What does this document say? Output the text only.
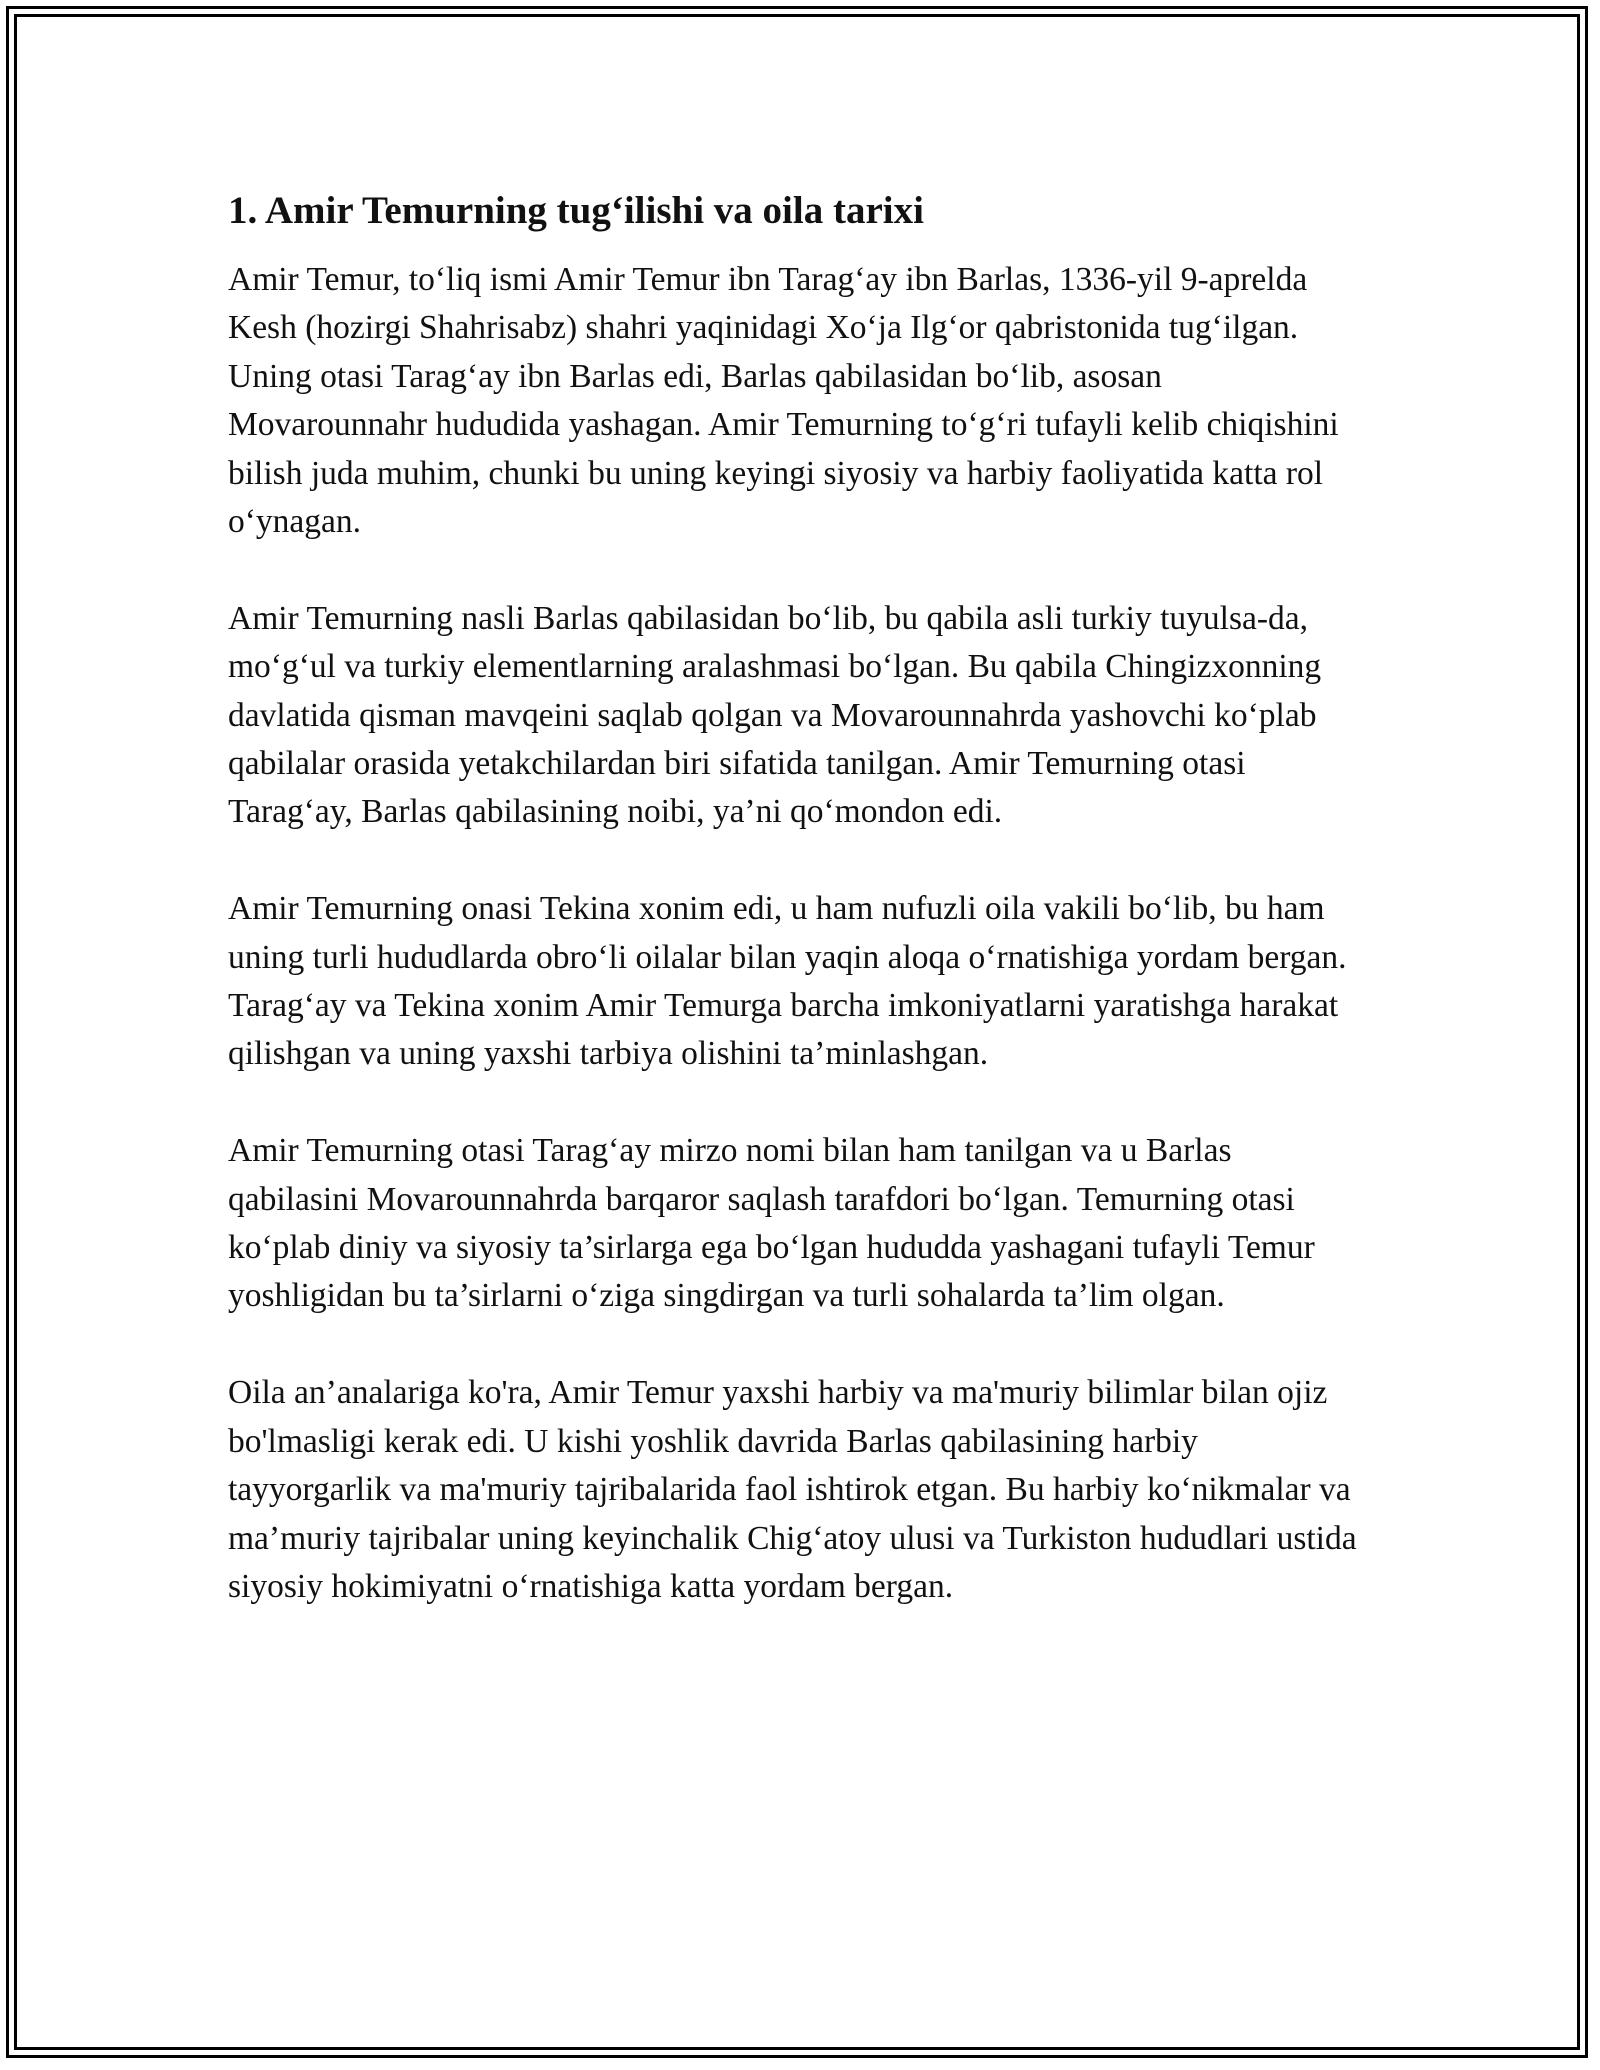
1. Amir Temurning tug‘ilishi va oila tarixi

Amir Temur, to‘liq ismi Amir Temur ibn Tarag‘ay ibn Barlas, 1336-yil 9-aprelda Kesh (hozirgi Shahrisabz) shahri yaqinidagi Xo‘ja Ilg‘or qabristonida tug‘ilgan. Uning otasi Tarag‘ay ibn Barlas edi, Barlas qabilasidan bo‘lib, asosan Movarounnahr hududida yashagan. Amir Temurning to‘g‘ri tufayli kelib chiqishini bilish juda muhim, chunki bu uning keyingi siyosiy va harbiy faoliyatida katta rol o‘ynagan.

Amir Temurning nasli Barlas qabilasidan bo‘lib, bu qabila asli turkiy tuyulsa-da, mo‘g‘ul va turkiy elementlarning aralashmasi bo‘lgan. Bu qabila Chingizxonning davlatida qisman mavqeini saqlab qolgan va Movarounnahrda yashovchi ko‘plab qabilalar orasida yetakchilardan biri sifatida tanilgan. Amir Temurning otasi Tarag‘ay, Barlas qabilasining noibi, ya’ni qo‘mondon edi.

Amir Temurning onasi Tekina xonim edi, u ham nufuzli oila vakili bo‘lib, bu ham uning turli hududlarda obro‘li oilalar bilan yaqin aloqa o‘rnatishiga yordam bergan. Tarag‘ay va Tekina xonim Amir Temurga barcha imkoniyatlarni yaratishga harakat qilishgan va uning yaxshi tarbiya olishini ta’minlashgan.

Amir Temurning otasi Tarag‘ay mirzo nomi bilan ham tanilgan va u Barlas qabilasini Movarounnahrda barqaror saqlash tarafdori bo‘lgan. Temurning otasi ko‘plab diniy va siyosiy ta’sirlarga ega bo‘lgan hududda yashagani tufayli Temur yoshligidan bu ta’sirlarni o‘ziga singdirgan va turli sohalarda ta’lim olgan.

Oila an’analariga ko'ra, Amir Temur yaxshi harbiy va ma'muriy bilimlar bilan ojiz bo'lmasligi kerak edi. U kishi yoshlik davrida Barlas qabilasining harbiy tayyorgarlik va ma'muriy tajribalarida faol ishtirok etgan. Bu harbiy ko‘nikmalar va ma’muriy tajribalar uning keyinchalik Chig‘atoy ulusi va Turkiston hududlari ustida siyosiy hokimiyatni o‘rnatishiga katta yordam bergan.
